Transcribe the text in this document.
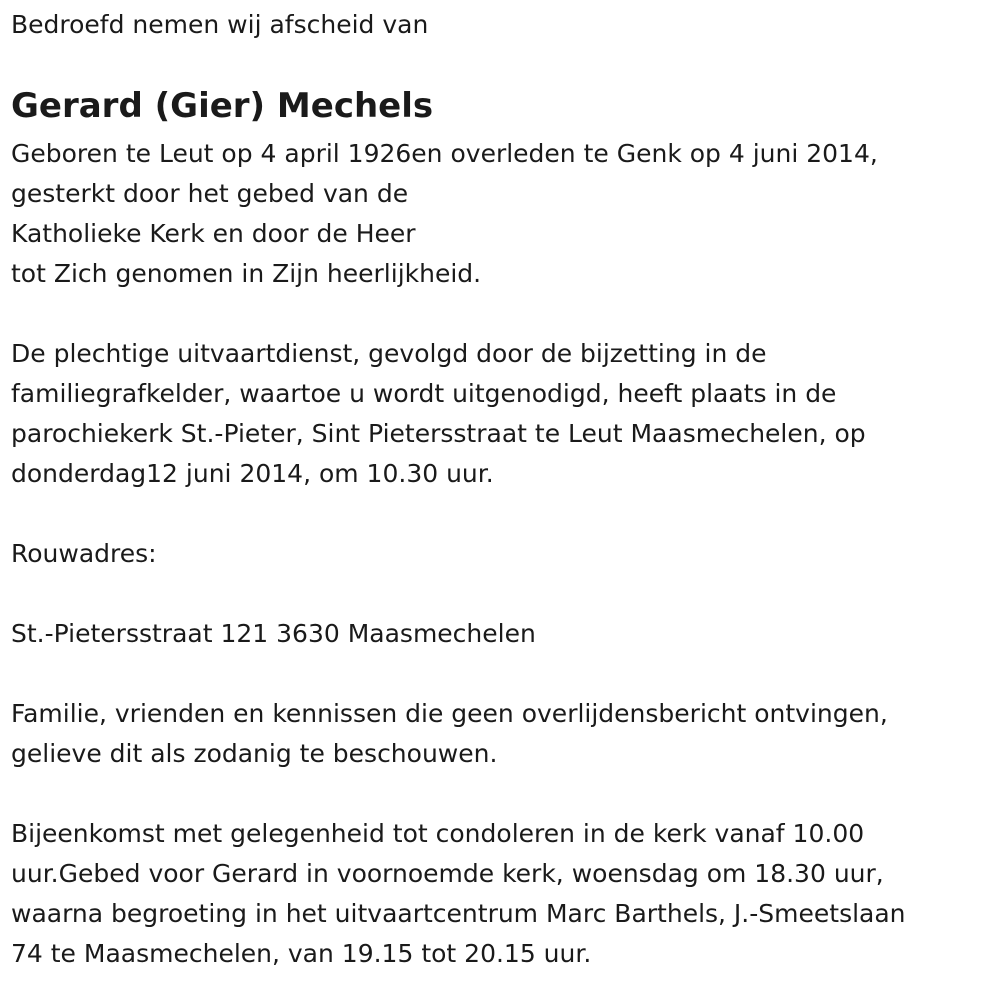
Bedroefd nemen wij afscheid van
Gerard (Gier) Mechels
Geboren te Leut op 4 april 1926en overleden te Genk op 4 juni 2014,
gesterkt door het gebed van de
Katholieke Kerk en door de Heer
tot Zich genomen in Zijn heerlijkheid.
De plechtige uitvaartdienst, gevolgd door de bijzetting in de
familiegrafkelder, waartoe u wordt uitgenodigd, heeft plaats in de
parochiekerk St.-Pieter, Sint Pietersstraat te Leut Maasmechelen, op
donderdag12 juni 2014, om 10.30 uur.
Rouwadres:
St.-Pietersstraat 121 3630 Maasmechelen
Familie, vrienden en kennissen die geen overlijdensbericht ontvingen,
gelieve dit als zodanig te beschouwen.
Bijeenkomst met gelegenheid tot condoleren in de kerk vanaf 10.00
uur.Gebed voor Gerard in voornoemde kerk, woensdag om 18.30 uur,
waarna begroeting in het uitvaartcentrum Marc Barthels, J.-Smeetslaan
74 te Maasmechelen, van 19.15 tot 20.15 uur.
